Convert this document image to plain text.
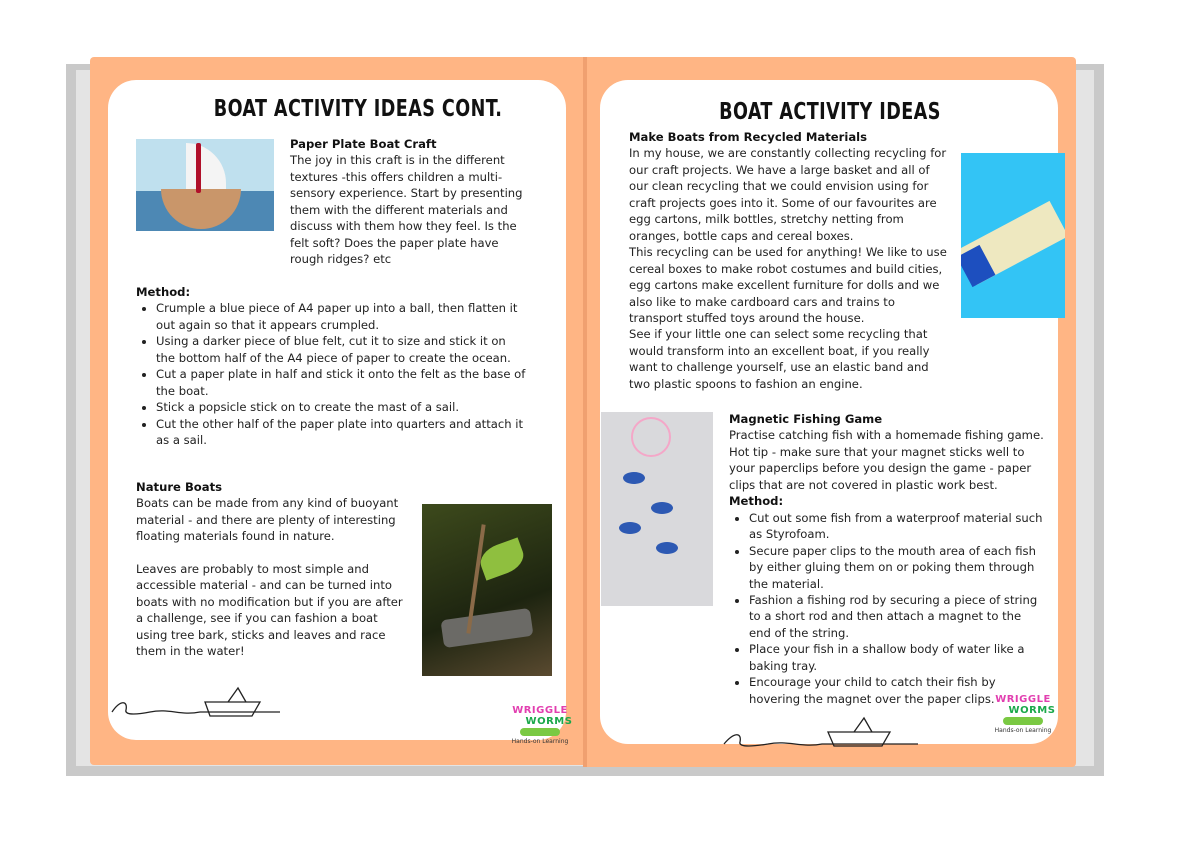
BOAT ACTIVITY IDEAS CONT.
Paper Plate Boat Craft
The joy in this craft is in the different textures -this offers children a multi-sensory experience. Start by presenting them with the different materials and discuss with them how they feel. Is the felt soft? Does the paper plate have rough ridges? etc
Method:
• Crumple a blue piece of A4 paper up into a ball, then flatten it out again so that it appears crumpled.
• Using a darker piece of blue felt, cut it to size and stick it on the bottom half of the A4 piece of paper to create the ocean.
• Cut a paper plate in half and stick it onto the felt as the base of the boat.
• Stick a popsicle stick on to create the mast of a sail.
• Cut the other half of the paper plate into quarters and attach it as a sail.
Nature Boats
Boats can be made from any kind of buoyant material - and there are plenty of interesting floating materials found in nature.
Leaves are probably to most simple and accessible material - and can be turned into boats with no modification but if you are after a challenge, see if you can fashion a boat using tree bark, sticks and leaves and race them in the water!
WRIGGLE
WORMS
Hands-on Learning
BOAT ACTIVITY IDEAS
Make Boats from Recycled Materials
In my house, we are constantly collecting recycling for our craft projects. We have a large basket and all of our clean recycling that we could envision using for craft projects goes into it. Some of our favourites are egg cartons, milk bottles, stretchy netting from oranges, bottle caps and cereal boxes.
This recycling can be used for anything! We like to use cereal boxes to make robot costumes and build cities, egg cartons make excellent furniture for dolls and we also like to make cardboard cars and trains to transport stuffed toys around the house.
See if your little one can select some recycling that would transform into an excellent boat, if you really want to challenge yourself, use an elastic band and two plastic spoons to fashion an engine.
Magnetic Fishing Game
Practise catching fish with a homemade fishing game. Hot tip - make sure that your magnet sticks well to your paperclips before you design the game - paper clips that are not covered in plastic work best.
Method:
• Cut out some fish from a waterproof material such as Styrofoam.
• Secure paper clips to the mouth area of each fish by either gluing them on or poking them through the material.
• Fashion a fishing rod by securing a piece of string to a short rod and then attach a magnet to the end of the string.
• Place your fish in a shallow body of water like a baking tray.
• Encourage your child to catch their fish by hovering the magnet over the paper clips. WRIGGLE
WORMS
Hands-on Learning
